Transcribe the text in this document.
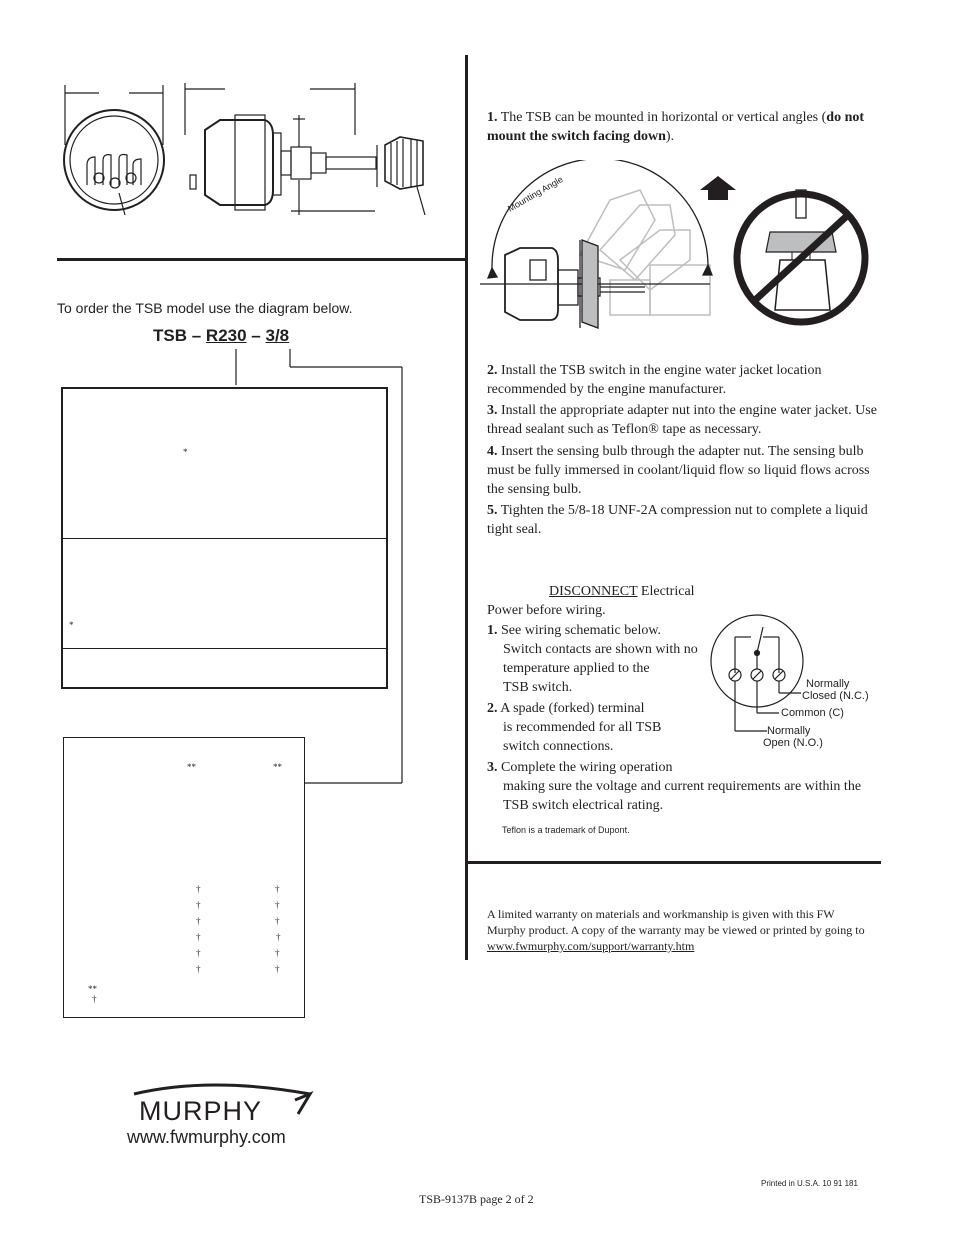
To order the TSB model use the diagram below.
TSB – R230 – 3/8
*
*
**	**
†	†
†	†
†	†
†	†
†	†
†	†
**
†
1. The TSB can be mounted in horizontal or vertical angles (do not mount the switch facing down).
Mounting Angle
2. Install the TSB switch in the engine water jacket location recommended by the engine manufacturer.
3. Install the appropriate adapter nut into the engine water jacket. Use thread sealant such as Teflon® tape as necessary.
4. Insert the sensing bulb through the adapter nut. The sensing bulb must be fully immersed in coolant/liquid flow so liquid flows across the sensing bulb.
5. Tighten the 5/8-18 UNF-2A compression nut to complete a liquid tight seal.
DISCONNECT Electrical
Power before wiring.
1. See wiring schematic below.
Switch contacts are shown with no
temperature applied to the
TSB switch.
2. A spade (forked) terminal
is recommended for all TSB
switch connections.
3. Complete the wiring operation
making sure the voltage and current requirements are within the
TSB switch electrical rating.
Teflon is a trademark of Dupont.
Normally
Closed (N.C.)
Common (C)
Normally
Open (N.O.)
A limited warranty on materials and workmanship is given with this FW
Murphy product. A copy of the warranty may be viewed or printed by going to
www.fwmurphy.com/support/warranty.htm
MURPHY
www.fwmurphy.com
Printed in U.S.A. 10 91 181
TSB-9137B page 2 of 2
